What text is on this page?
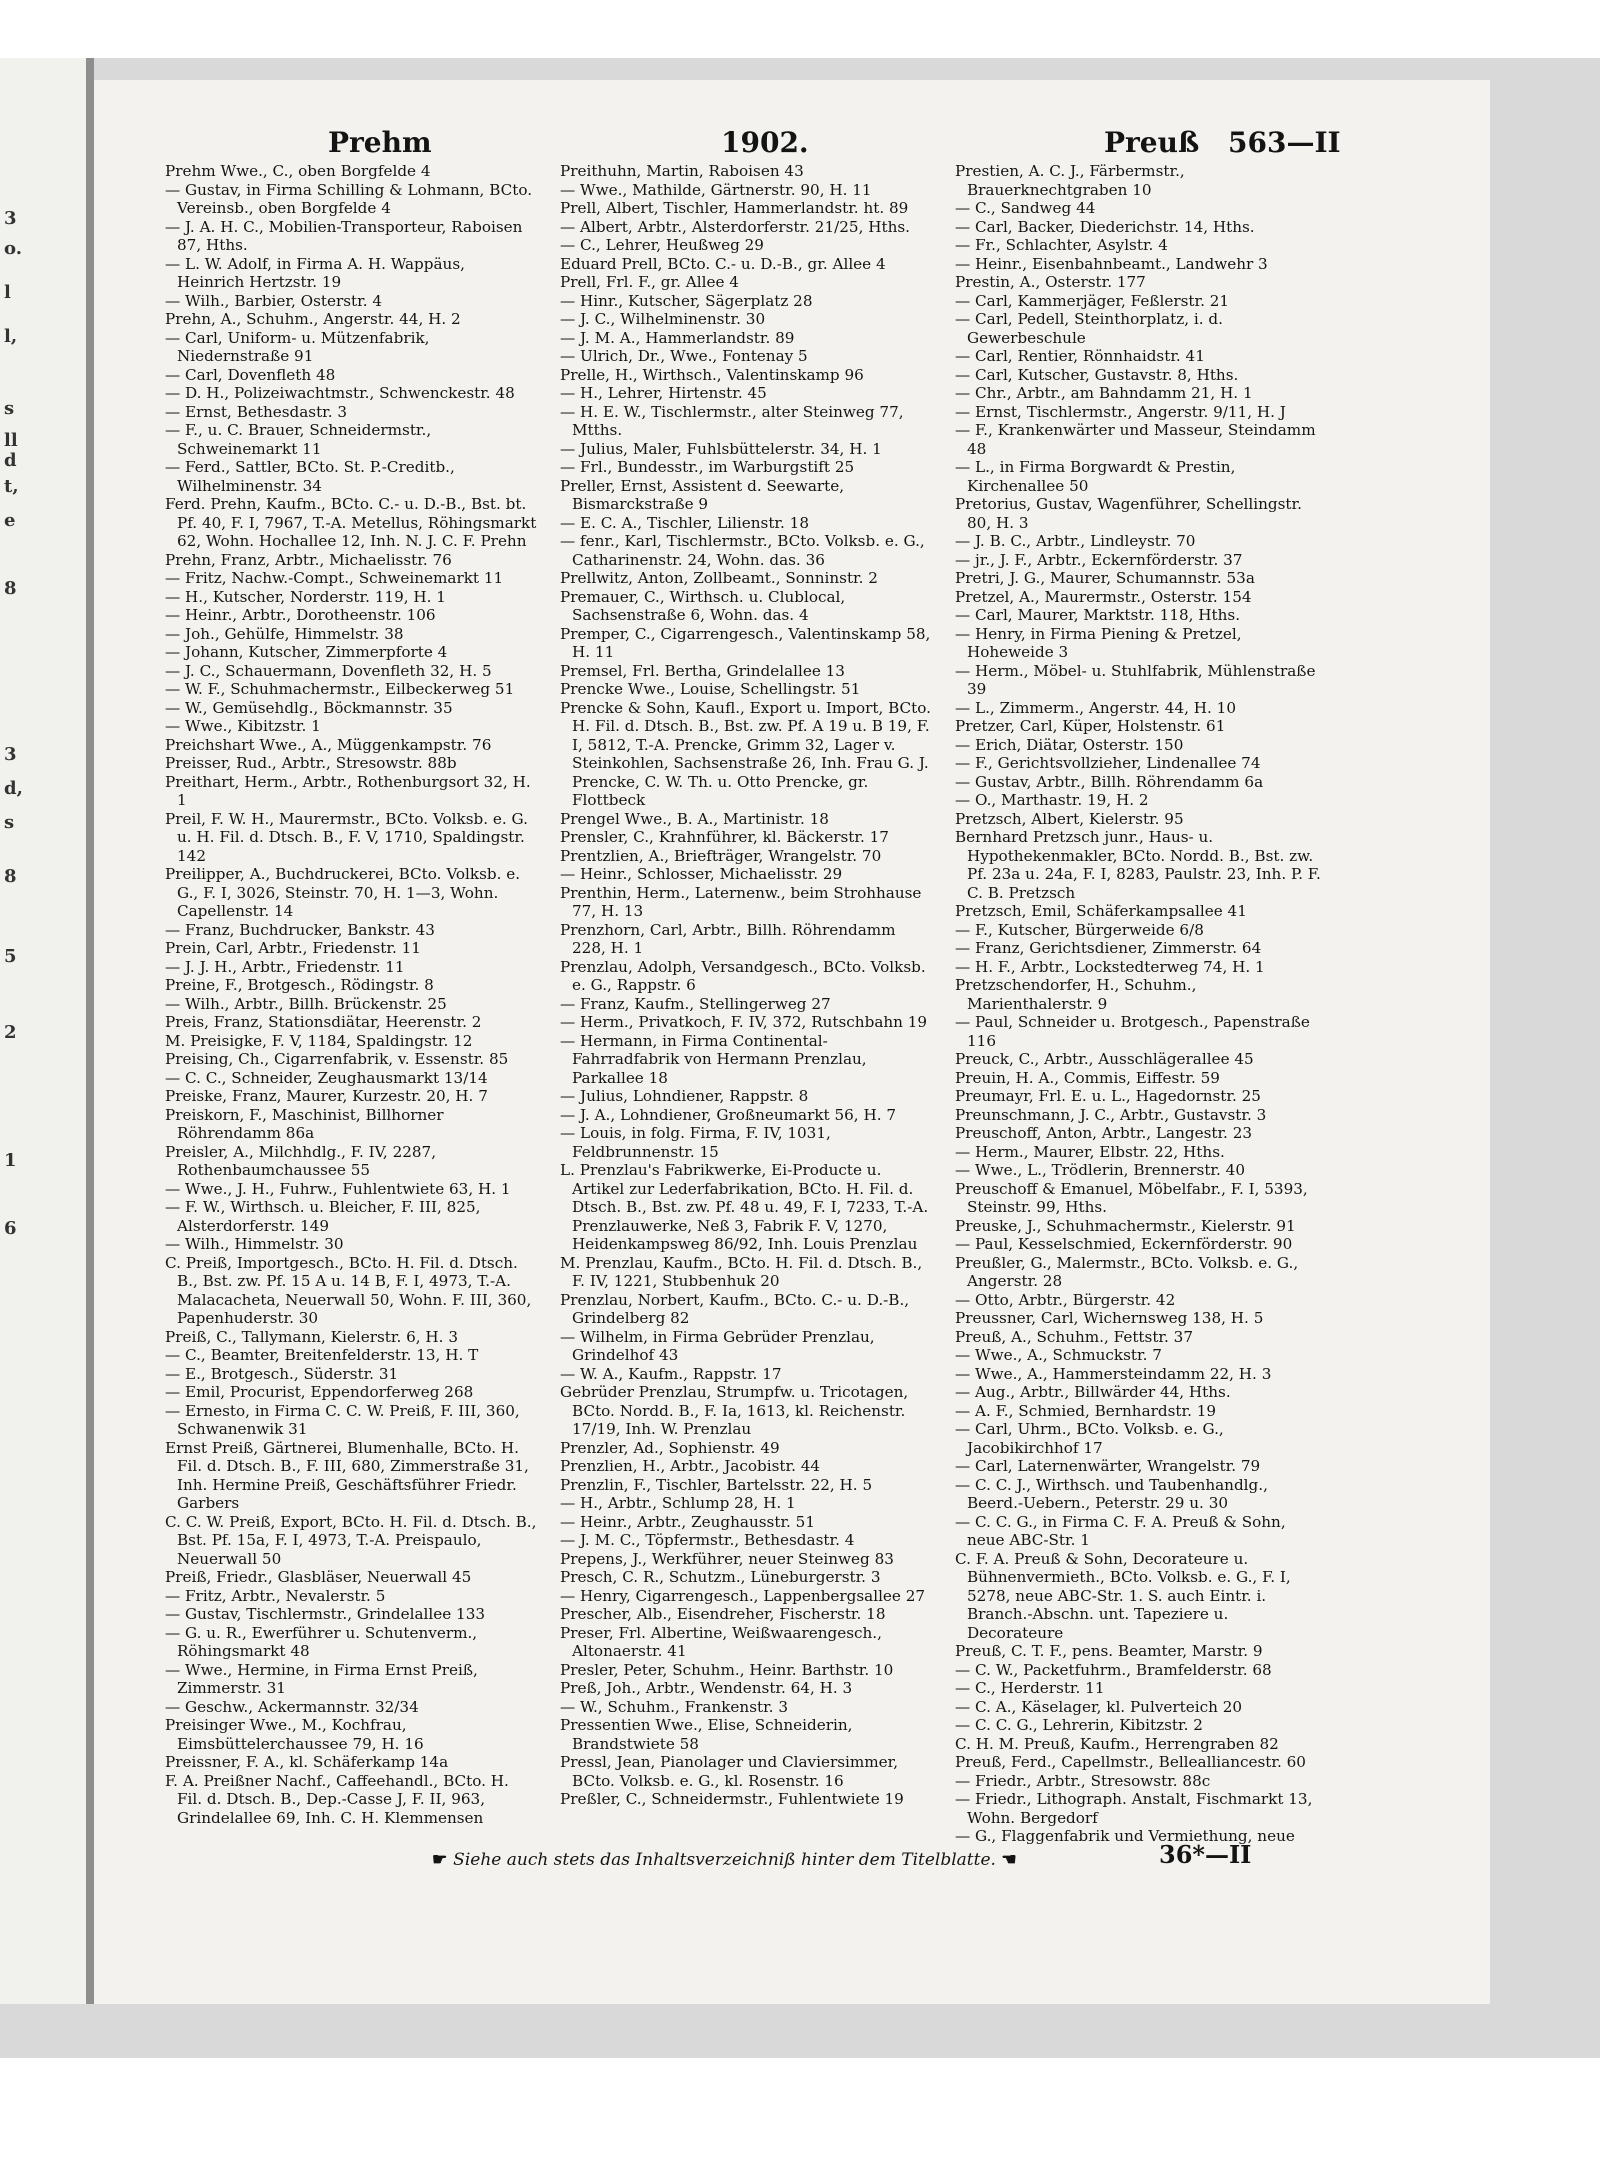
3
o.
l
l,
s
ll
d
t,
e
8
3
d,
s
8
5
2
1
6
Prehm	1902.	Preuß 563—II

Prehm Wwe., C., oben Borgfelde 4

— Gustav, in Firma Schilling & Lohmann, BCto. Vereinsb., oben Borgfelde 4

— J. A. H. C., Mobilien-Transporteur, Raboisen 87, Hths.

— L. W. Adolf, in Firma A. H. Wappäus, Heinrich Hertzstr. 19

— Wilh., Barbier, Osterstr. 4

Prehn, A., Schuhm., Angerstr. 44, H. 2

— Carl, Uniform- u. Mützenfabrik, Niedernstraße 91

— Carl, Dovenfleth 48

— D. H., Polizeiwachtmstr., Schwenckestr. 48

— Ernst, Bethesdastr. 3

— F., u. C. Brauer, Schneidermstr., Schweinemarkt 11

— Ferd., Sattler, BCto. St. P.-Creditb., Wilhelminenstr. 34

Ferd. Prehn, Kaufm., BCto. C.- u. D.-B., Bst. bt. Pf. 40, F. I, 7967, T.-A. Metellus, Röhingsmarkt 62, Wohn. Hochallee 12, Inh. N. J. C. F. Prehn

Prehn, Franz, Arbtr., Michaelisstr. 76

— Fritz, Nachw.-Compt., Schweinemarkt 11

— H., Kutscher, Norderstr. 119, H. 1

— Heinr., Arbtr., Dorotheenstr. 106

— Joh., Gehülfe, Himmelstr. 38

— Johann, Kutscher, Zimmerpforte 4

— J. C., Schauermann, Dovenfleth 32, H. 5

— W. F., Schuhmachermstr., Eilbeckerweg 51

— W., Gemüsehdlg., Böckmannstr. 35

— Wwe., Kibitzstr. 1

Preichshart Wwe., A., Müggenkampstr. 76

Preisser, Rud., Arbtr., Stresowstr. 88b

Preithart, Herm., Arbtr., Rothenburgsort 32, H. 1

Preil, F. W. H., Maurermstr., BCto. Volksb. e. G. u. H. Fil. d. Dtsch. B., F. V, 1710, Spaldingstr. 142

Preilipper, A., Buchdruckerei, BCto. Volksb. e. G., F. I, 3026, Steinstr. 70, H. 1—3, Wohn. Capellenstr. 14

— Franz, Buchdrucker, Bankstr. 43

Prein, Carl, Arbtr., Friedenstr. 11

— J. J. H., Arbtr., Friedenstr. 11

Preine, F., Brotgesch., Rödingstr. 8

— Wilh., Arbtr., Billh. Brückenstr. 25

Preis, Franz, Stationsdiätar, Heerenstr. 2

M. Preisigke, F. V, 1184, Spaldingstr. 12

Preising, Ch., Cigarrenfabrik, v. Essenstr. 85

— C. C., Schneider, Zeughausmarkt 13/14

Preiske, Franz, Maurer, Kurzestr. 20, H. 7

Preiskorn, F., Maschinist, Billhorner Röhrendamm 86a

Preisler, A., Milchhdlg., F. IV, 2287, Rothenbaumchaussee 55

— Wwe., J. H., Fuhrw., Fuhlentwiete 63, H. 1

— F. W., Wirthsch. u. Bleicher, F. III, 825, Alsterdorferstr. 149

— Wilh., Himmelstr. 30

C. Preiß, Importgesch., BCto. H. Fil. d. Dtsch. B., Bst. zw. Pf. 15 A u. 14 B, F. I, 4973, T.-A. Malacacheta, Neuerwall 50, Wohn. F. III, 360, Papenhuderstr. 30

Preiß, C., Tallymann, Kielerstr. 6, H. 3

— C., Beamter, Breitenfelderstr. 13, H. T

— E., Brotgesch., Süderstr. 31

— Emil, Procurist, Eppendorferweg 268

— Ernesto, in Firma C. C. W. Preiß, F. III, 360, Schwanenwik 31

Ernst Preiß, Gärtnerei, Blumenhalle, BCto. H. Fil. d. Dtsch. B., F. III, 680, Zimmerstraße 31, Inh. Hermine Preiß, Geschäftsführer Friedr. Garbers

C. C. W. Preiß, Export, BCto. H. Fil. d. Dtsch. B., Bst. Pf. 15a, F. I, 4973, T.-A. Preispaulo, Neuerwall 50

Preiß, Friedr., Glasbläser, Neuerwall 45

— Fritz, Arbtr., Nevalerstr. 5

— Gustav, Tischlermstr., Grindelallee 133

— G. u. R., Ewerführer u. Schutenverm., Röhingsmarkt 48

— Wwe., Hermine, in Firma Ernst Preiß, Zimmerstr. 31

— Geschw., Ackermannstr. 32/34

Preisinger Wwe., M., Kochfrau, Eimsbüttelerchaussee 79, H. 16

Preissner, F. A., kl. Schäferkamp 14a

F. A. Preißner Nachf., Caffeehandl., BCto. H. Fil. d. Dtsch. B., Dep.-Casse J, F. II, 963, Grindelallee 69, Inh. C. H. Klemmensen

Preithuhn, Martin, Raboisen 43

— Wwe., Mathilde, Gärtnerstr. 90, H. 11

Prell, Albert, Tischler, Hammerlandstr. ht. 89

— Albert, Arbtr., Alsterdorferstr. 21/25, Hths.

— C., Lehrer, Heußweg 29

Eduard Prell, BCto. C.- u. D.-B., gr. Allee 4

Prell, Frl. F., gr. Allee 4

— Hinr., Kutscher, Sägerplatz 28

— J. C., Wilhelminenstr. 30

— J. M. A., Hammerlandstr. 89

— Ulrich, Dr., Wwe., Fontenay 5

Prelle, H., Wirthsch., Valentinskamp 96

— H., Lehrer, Hirtenstr. 45

— H. E. W., Tischlermstr., alter Steinweg 77, Mtths.

— Julius, Maler, Fuhlsbüttelerstr. 34, H. 1

— Frl., Bundesstr., im Warburgstift 25

Preller, Ernst, Assistent d. Seewarte, Bismarckstraße 9

— E. C. A., Tischler, Lilienstr. 18

— fenr., Karl, Tischlermstr., BCto. Volksb. e. G., Catharinenstr. 24, Wohn. das. 36

Prellwitz, Anton, Zollbeamt., Sonninstr. 2

Premauer, C., Wirthsch. u. Clublocal, Sachsenstraße 6, Wohn. das. 4

Premper, C., Cigarrengesch., Valentinskamp 58, H. 11

Premsel, Frl. Bertha, Grindelallee 13

Prencke Wwe., Louise, Schellingstr. 51

Prencke & Sohn, Kaufl., Export u. Import, BCto. H. Fil. d. Dtsch. B., Bst. zw. Pf. A 19 u. B 19, F. I, 5812, T.-A. Prencke, Grimm 32, Lager v. Steinkohlen, Sachsenstraße 26, Inh. Frau G. J. Prencke, C. W. Th. u. Otto Prencke, gr. Flottbeck

Prengel Wwe., B. A., Martinistr. 18

Prensler, C., Krahnführer, kl. Bäckerstr. 17

Prentzlien, A., Briefträger, Wrangelstr. 70

— Heinr., Schlosser, Michaelisstr. 29

Prenthin, Herm., Laternenw., beim Strohhause 77, H. 13

Prenzhorn, Carl, Arbtr., Billh. Röhrendamm 228, H. 1

Prenzlau, Adolph, Versandgesch., BCto. Volksb. e. G., Rappstr. 6

— Franz, Kaufm., Stellingerweg 27

— Herm., Privatkoch, F. IV, 372, Rutschbahn 19

— Hermann, in Firma Continental-Fahrradfabrik von Hermann Prenzlau, Parkallee 18

— Julius, Lohndiener, Rappstr. 8

— J. A., Lohndiener, Großneumarkt 56, H. 7

— Louis, in folg. Firma, F. IV, 1031, Feldbrunnenstr. 15

L. Prenzlau's Fabrikwerke, Ei-Producte u. Artikel zur Lederfabrikation, BCto. H. Fil. d. Dtsch. B., Bst. zw. Pf. 48 u. 49, F. I, 7233, T.-A. Prenzlauwerke, Neß 3, Fabrik F. V, 1270, Heidenkampsweg 86/92, Inh. Louis Prenzlau

M. Prenzlau, Kaufm., BCto. H. Fil. d. Dtsch. B., F. IV, 1221, Stubbenhuk 20

Prenzlau, Norbert, Kaufm., BCto. C.- u. D.-B., Grindelberg 82

— Wilhelm, in Firma Gebrüder Prenzlau, Grindelhof 43

— W. A., Kaufm., Rappstr. 17

Gebrüder Prenzlau, Strumpfw. u. Tricotagen, BCto. Nordd. B., F. Ia, 1613, kl. Reichenstr. 17/19, Inh. W. Prenzlau

Prenzler, Ad., Sophienstr. 49

Prenzlien, H., Arbtr., Jacobistr. 44

Prenzlin, F., Tischler, Bartelsstr. 22, H. 5

— H., Arbtr., Schlump 28, H. 1

— Heinr., Arbtr., Zeughausstr. 51

— J. M. C., Töpfermstr., Bethesdastr. 4

Prepens, J., Werkführer, neuer Steinweg 83

Presch, C. R., Schutzm., Lüneburgerstr. 3

— Henry, Cigarrengesch., Lappenbergsallee 27

Prescher, Alb., Eisendreher, Fischerstr. 18

Preser, Frl. Albertine, Weißwaarengesch., Altonaerstr. 41

Presler, Peter, Schuhm., Heinr. Barthstr. 10

Preß, Joh., Arbtr., Wendenstr. 64, H. 3

— W., Schuhm., Frankenstr. 3

Pressentien Wwe., Elise, Schneiderin, Brandstwiete 58

Pressl, Jean, Pianolager und Claviersimmer, BCto. Volksb. e. G., kl. Rosenstr. 16

Preßler, C., Schneidermstr., Fuhlentwiete 19

Prestien, A. C. J., Färbermstr., Brauerknechtgraben 10

— C., Sandweg 44

— Carl, Backer, Diederichstr. 14, Hths.

— Fr., Schlachter, Asylstr. 4

— Heinr., Eisenbahnbeamt., Landwehr 3

Prestin, A., Osterstr. 177

— Carl, Kammerjäger, Feßlerstr. 21

— Carl, Pedell, Steinthorplatz, i. d. Gewerbeschule

— Carl, Rentier, Rönnhaidstr. 41

— Carl, Kutscher, Gustavstr. 8, Hths.

— Chr., Arbtr., am Bahndamm 21, H. 1

— Ernst, Tischlermstr., Angerstr. 9/11, H. J

— F., Krankenwärter und Masseur, Steindamm 48

— L., in Firma Borgwardt & Prestin, Kirchenallee 50

Pretorius, Gustav, Wagenführer, Schellingstr. 80, H. 3

— J. B. C., Arbtr., Lindleystr. 70

— jr., J. F., Arbtr., Eckernförderstr. 37

Pretri, J. G., Maurer, Schumannstr. 53a

Pretzel, A., Maurermstr., Osterstr. 154

— Carl, Maurer, Marktstr. 118, Hths.

— Henry, in Firma Piening & Pretzel, Hoheweide 3

— Herm., Möbel- u. Stuhlfabrik, Mühlenstraße 39

— L., Zimmerm., Angerstr. 44, H. 10

Pretzer, Carl, Küper, Holstenstr. 61

— Erich, Diätar, Osterstr. 150

— F., Gerichtsvollzieher, Lindenallee 74

— Gustav, Arbtr., Billh. Röhrendamm 6a

— O., Marthastr. 19, H. 2

Pretzsch, Albert, Kielerstr. 95

Bernhard Pretzsch junr., Haus- u. Hypothekenmakler, BCto. Nordd. B., Bst. zw. Pf. 23a u. 24a, F. I, 8283, Paulstr. 23, Inh. P. F. C. B. Pretzsch

Pretzsch, Emil, Schäferkampsallee 41

— F., Kutscher, Bürgerweide 6/8

— Franz, Gerichtsdiener, Zimmerstr. 64

— H. F., Arbtr., Lockstedterweg 74, H. 1

Pretzschendorfer, H., Schuhm., Marienthalerstr. 9

— Paul, Schneider u. Brotgesch., Papenstraße 116

Preuck, C., Arbtr., Ausschlägerallee 45

Preuin, H. A., Commis, Eiffestr. 59

Preumayr, Frl. E. u. L., Hagedornstr. 25

Preunschmann, J. C., Arbtr., Gustavstr. 3

Preuschoff, Anton, Arbtr., Langestr. 23

— Herm., Maurer, Elbstr. 22, Hths.

— Wwe., L., Trödlerin, Brennerstr. 40

Preuschoff & Emanuel, Möbelfabr., F. I, 5393, Steinstr. 99, Hths.

Preuske, J., Schuhmachermstr., Kielerstr. 91

— Paul, Kesselschmied, Eckernförderstr. 90

Preußler, G., Malermstr., BCto. Volksb. e. G., Angerstr. 28

— Otto, Arbtr., Bürgerstr. 42

Preussner, Carl, Wichernsweg 138, H. 5

Preuß, A., Schuhm., Fettstr. 37

— Wwe., A., Schmuckstr. 7

— Wwe., A., Hammersteindamm 22, H. 3

— Aug., Arbtr., Billwärder 44, Hths.

— A. F., Schmied, Bernhardstr. 19

— Carl, Uhrm., BCto. Volksb. e. G., Jacobikirchhof 17

— Carl, Laternenwärter, Wrangelstr. 79

— C. C. J., Wirthsch. und Taubenhandlg., Beerd.-Uebern., Peterstr. 29 u. 30

— C. C. G., in Firma C. F. A. Preuß & Sohn, neue ABC-Str. 1

C. F. A. Preuß & Sohn, Decorateure u. Bühnenvermieth., BCto. Volksb. e. G., F. I, 5278, neue ABC-Str. 1. S. auch Eintr. i. Branch.-Abschn. unt. Tapeziere u. Decorateure

Preuß, C. T. F., pens. Beamter, Marstr. 9

— C. W., Packetfuhrm., Bramfelderstr. 68

— C., Herderstr. 11

— C. A., Käselager, kl. Pulverteich 20

— C. C. G., Lehrerin, Kibitzstr. 2

C. H. M. Preuß, Kaufm., Herrengraben 82

Preuß, Ferd., Capellmstr., Bellealliancestr. 60

— Friedr., Arbtr., Stresowstr. 88c

— Friedr., Lithograph. Anstalt, Fischmarkt 13, Wohn. Bergedorf

— G., Flaggenfabrik und Vermiethung, neue

☛ Siehe auch stets das Inhaltsverzeichniß hinter dem Titelblatte. ☚	36*—II
